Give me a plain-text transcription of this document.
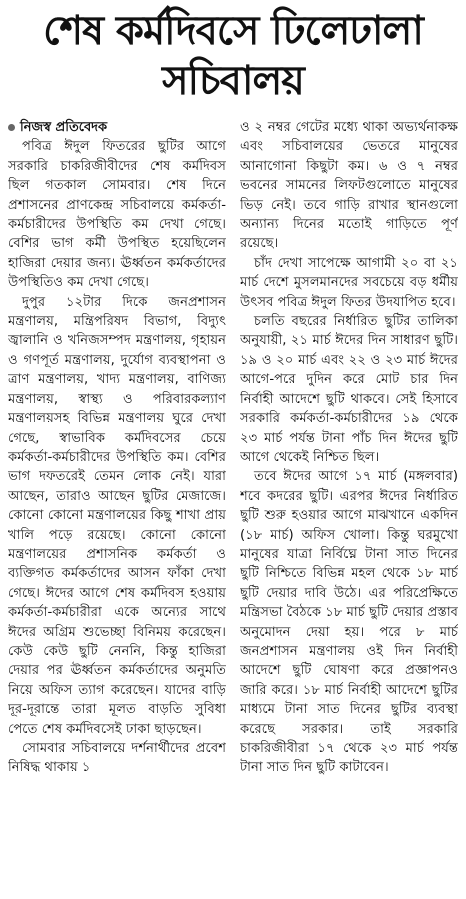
শেষ কর্মদিবসে ঢিলেঢালা
সচিবালয়
নিজস্ব প্রতিবেদক

পবিত্র ঈদুল ফিতরের ছুটির আগে সরকারি চাকরিজীবীদের শেষ কর্মদিবস ছিল গতকাল সোমবার। শেষ দিনে প্রশাসনের প্রাণকেন্দ্র সচিবালয়ে কর্মকর্তা-কর্মচারীদের উপস্থিতি কম দেখা গেছে। বেশির ভাগ কর্মী উপস্থিত হয়েছিলেন হাজিরা দেয়ার জন্য। ঊর্ধ্বতন কর্মকর্তাদের উপস্থিতিও কম দেখা গেছে।

দুপুর ১২টার দিকে জনপ্রশাসন মন্ত্রণালয়, মন্ত্রিপরিষদ বিভাগ, বিদ্যুৎ জ্বালানি ও খনিজসম্পদ মন্ত্রণালয়, গৃহায়ন ও গণপূর্ত মন্ত্রণালয়, দুর্যোগ ব্যবস্থাপনা ও ত্রাণ মন্ত্রণালয়, খাদ্য মন্ত্রণালয়, বাণিজ্য মন্ত্রণালয়, স্বাস্থ্য ও পরিবারকল্যাণ মন্ত্রণালয়সহ বিভিন্ন মন্ত্রণালয় ঘুরে দেখা গেছে, স্বাভাবিক কর্মদিবসের চেয়ে কর্মকর্তা-কর্মচারীদের উপস্থিতি কম। বেশির ভাগ দফতরেই তেমন লোক নেই। যারা আছেন, তারাও আছেন ছুটির মেজাজে। কোনো কোনো মন্ত্রণালয়ের কিছু শাখা প্রায় খালি পড়ে রয়েছে। কোনো কোনো মন্ত্রণালয়ের প্রশাসনিক কর্মকর্তা ও ব্যক্তিগত কর্মকর্তাদের আসন ফাঁকা দেখা গেছে। ঈদের আগে শেষ কর্মদিবস হওয়ায় কর্মকর্তা-কর্মচারীরা একে অন্যের সাথে ঈদের অগ্রিম শুভেচ্ছা বিনিময় করেছেন। কেউ কেউ ছুটি নেননি, কিন্তু হাজিরা দেয়ার পর ঊর্ধ্বতন কর্মকর্তাদের অনুমতি নিয়ে অফিস ত্যাগ করেছেন। যাদের বাড়ি দূর-দূরান্তে তারা মূলত বাড়তি সুবিধা পেতে শেষ কর্মদিবসেই ঢাকা ছাড়ছেন।

সোমবার সচিবালয়ে দর্শনার্থীদের প্রবেশ নিষিদ্ধ থাকায় ১

ও ২ নম্বর গেটের মধ্যে থাকা অভ্যর্থনাকক্ষ এবং সচিবালয়ের ভেতরে মানুষের আনাগোনা কিছুটা কম। ৬ ও ৭ নম্বর ভবনের সামনের লিফটগুলোতে মানুষের ভিড় নেই। তবে গাড়ি রাখার স্থানগুলো অন্যান্য দিনের মতোই গাড়িতে পূর্ণ রয়েছে।

চাঁদ দেখা সাপেক্ষে আগামী ২০ বা ২১ মার্চ দেশে মুসলমানদের সবচেয়ে বড় ধর্মীয় উৎসব পবিত্র ঈদুল ফিতর উদযাপিত হবে।

চলতি বছরের নির্ধারিত ছুটির তালিকা অনুযায়ী, ২১ মার্চ ঈদের দিন সাধারণ ছুটি। ১৯ ও ২০ মার্চ এবং ২২ ও ২৩ মার্চ ঈদের আগে-পরে দুদিন করে মোট চার দিন নির্বাহী আদেশে ছুটি থাকবে। সেই হিসাবে সরকারি কর্মকর্তা-কর্মচারীদের ১৯ থেকে ২৩ মার্চ পর্যন্ত টানা পাঁচ দিন ঈদের ছুটি আগে থেকেই নিশ্চিত ছিল।

তবে ঈদের আগে ১৭ মার্চ (মঙ্গলবার) শবে কদরের ছুটি। এরপর ঈদের নির্ধারিত ছুটি শুরু হওয়ার আগে মাঝখানে একদিন (১৮ মার্চ) অফিস খোলা। কিন্তু ঘরমুখো মানুষের যাত্রা নির্বিঘ্নে টানা সাত দিনের ছুটি নিশ্চিতে বিভিন্ন মহল থেকে ১৮ মার্চ ছুটি দেয়ার দাবি উঠে। এর পরিপ্রেক্ষিতে মন্ত্রিসভা বৈঠকে ১৮ মার্চ ছুটি দেয়ার প্রস্তাব অনুমোদন দেয়া হয়। পরে ৮ মার্চ জনপ্রশাসন মন্ত্রণালয় ওই দিন নির্বাহী আদেশে ছুটি ঘোষণা করে প্রজ্ঞাপনও জারি করে। ১৮ মার্চ নির্বাহী আদেশে ছুটির মাধ্যমে টানা সাত দিনের ছুটির ব্যবস্থা করেছে সরকার। তাই সরকারি চাকরিজীবীরা ১৭ থেকে ২৩ মার্চ পর্যন্ত টানা সাত দিন ছুটি কাটাবেন।
